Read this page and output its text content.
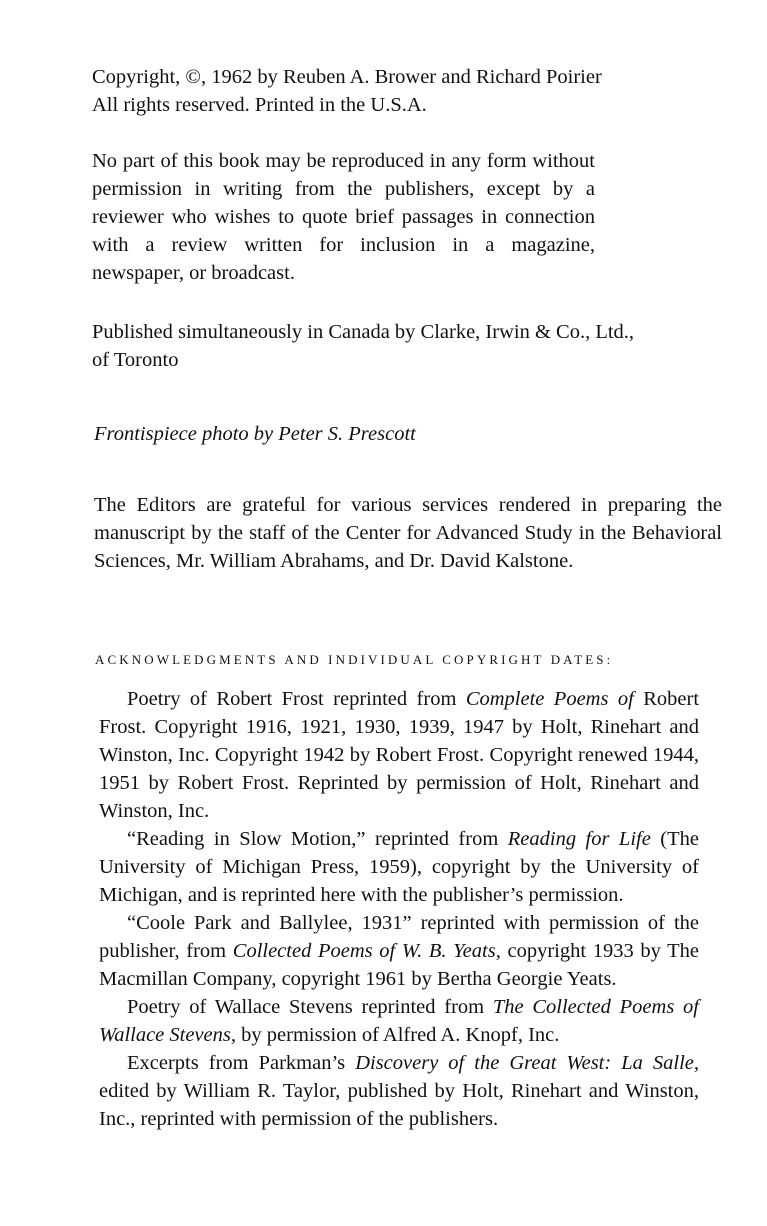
Copyright, ©, 1962 by Reuben A. Brower and Richard Poirier
All rights reserved. Printed in the U.S.A.

No part of this book may be reproduced in any form without permission in writing from the publishers, except by a reviewer who wishes to quote brief passages in connection with a review written for inclusion in a magazine, newspaper, or broadcast.

Published simultaneously in Canada by Clarke, Irwin & Co., Ltd.,
of Toronto

Frontispiece photo by Peter S. Prescott

The Editors are grateful for various services rendered in preparing the manuscript by the staff of the Center for Advanced Study in the Behavioral Sciences, Mr. William Abrahams, and Dr. David Kalstone.

ACKNOWLEDGMENTS AND INDIVIDUAL COPYRIGHT DATES:

Poetry of Robert Frost reprinted from Complete Poems of Robert Frost. Copyright 1916, 1921, 1930, 1939, 1947 by Holt, Rinehart and Winston, Inc. Copyright 1942 by Robert Frost. Copyright renewed 1944, 1951 by Robert Frost. Reprinted by permission of Holt, Rinehart and Winston, Inc.

“Reading in Slow Motion,” reprinted from Reading for Life (The University of Michigan Press, 1959), copyright by the University of Michigan, and is reprinted here with the publisher’s permission.

“Coole Park and Ballylee, 1931” reprinted with permission of the publisher, from Collected Poems of W. B. Yeats, copyright 1933 by The Macmillan Company, copyright 1961 by Bertha Georgie Yeats.

Poetry of Wallace Stevens reprinted from The Collected Poems of Wallace Stevens, by permission of Alfred A. Knopf, Inc.

Excerpts from Parkman’s Discovery of the Great West: La Salle, edited by William R. Taylor, published by Holt, Rinehart and Winston, Inc., reprinted with permission of the publishers.
